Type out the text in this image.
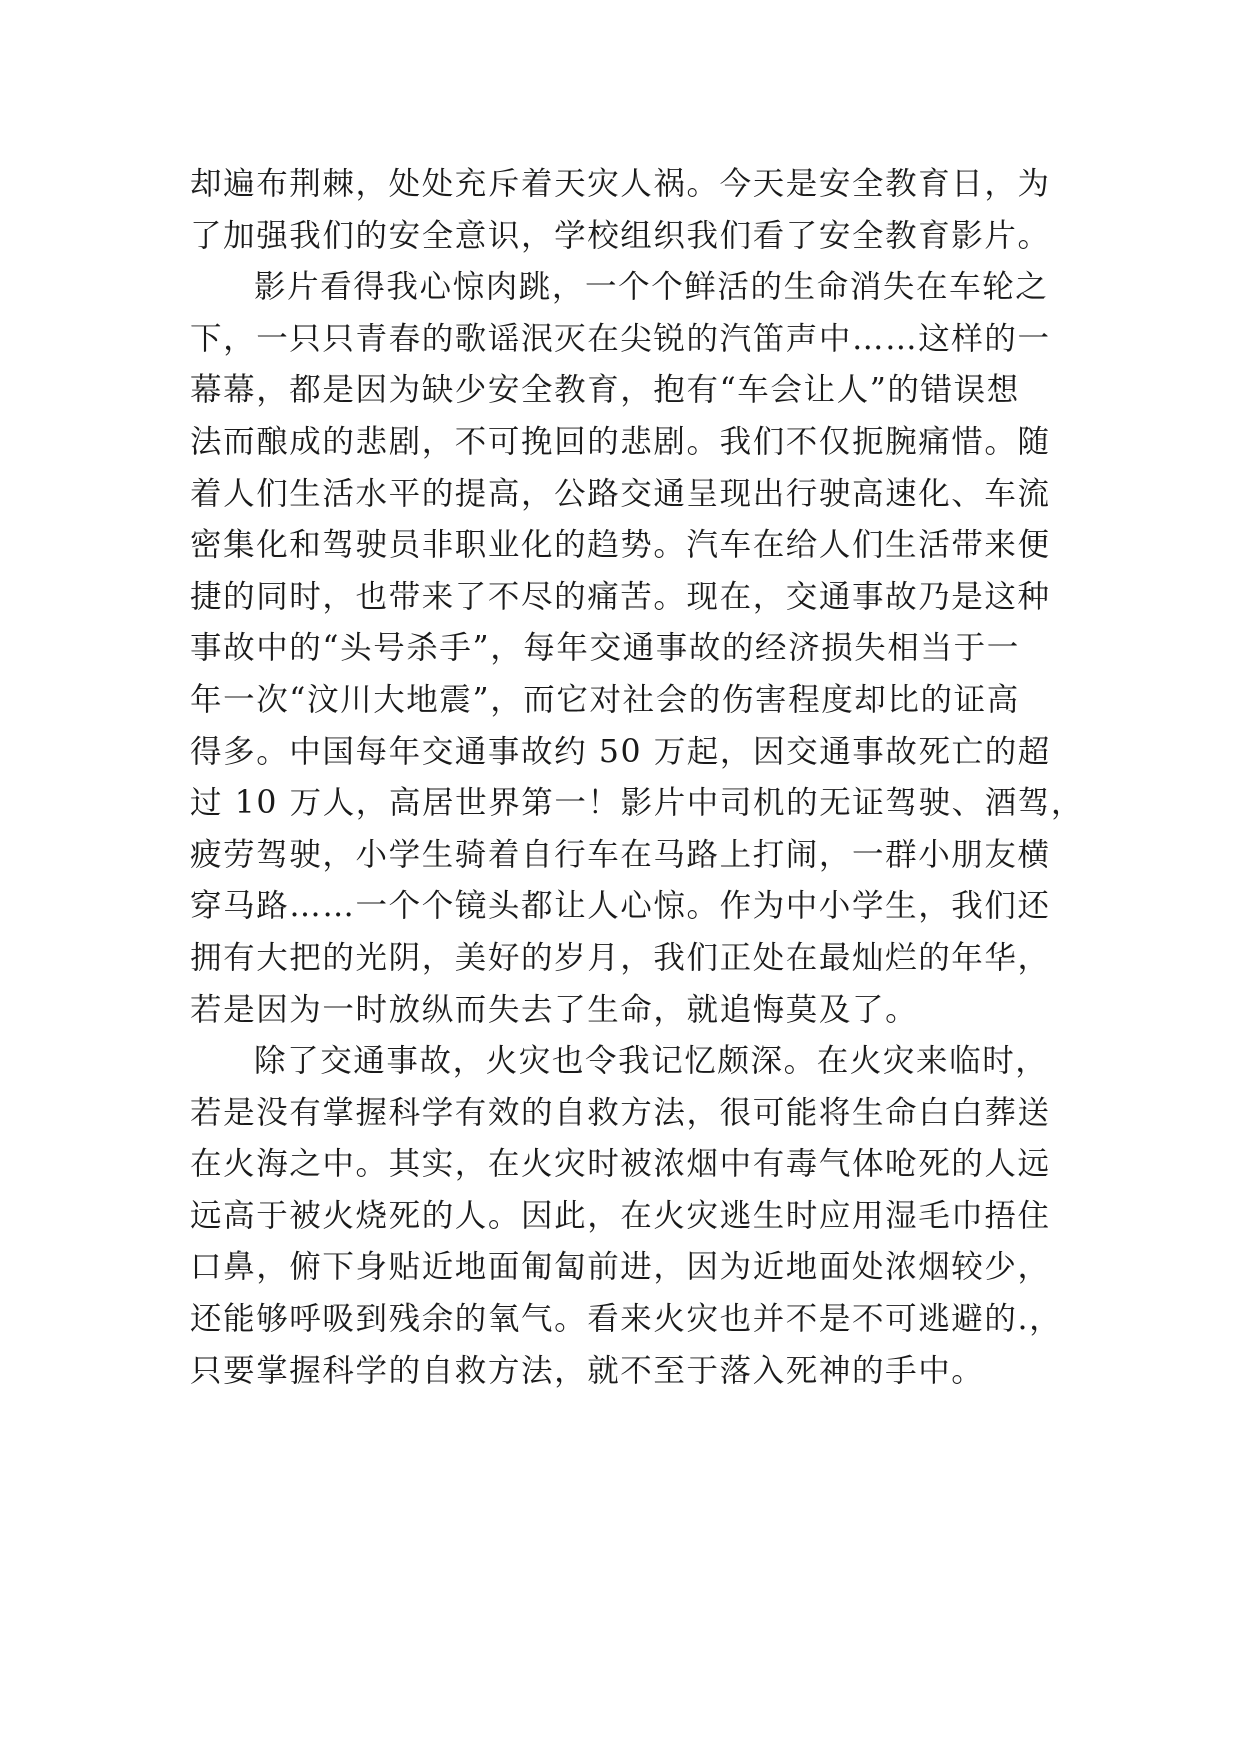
却遍布荆棘，处处充斥着天灾人祸。今天是安全教育日，为
了加强我们的安全意识，学校组织我们看了安全教育影片。
影片看得我心惊肉跳，一个个鲜活的生命消失在车轮之
下，一只只青春的歌谣泯灭在尖锐的汽笛声中……这样的一
幕幕，都是因为缺少安全教育，抱有“车会让人”的错误想
法而酿成的悲剧，不可挽回的悲剧。我们不仅扼腕痛惜。随
着人们生活水平的提高，公路交通呈现出行驶高速化、车流
密集化和驾驶员非职业化的趋势。汽车在给人们生活带来便
捷的同时，也带来了不尽的痛苦。现在，交通事故乃是这种
事故中的“头号杀手”，每年交通事故的经济损失相当于一
年一次“汶川大地震”，而它对社会的伤害程度却比的证高
得多。中国每年交通事故约 50 万起，因交通事故死亡的超
过 10 万人，高居世界第一！影片中司机的无证驾驶、酒驾，
疲劳驾驶，小学生骑着自行车在马路上打闹，一群小朋友横
穿马路……一个个镜头都让人心惊。作为中小学生，我们还
拥有大把的光阴，美好的岁月，我们正处在最灿烂的年华，
若是因为一时放纵而失去了生命，就追悔莫及了。
除了交通事故，火灾也令我记忆颇深。在火灾来临时，
若是没有掌握科学有效的自救方法，很可能将生命白白葬送
在火海之中。其实，在火灾时被浓烟中有毒气体呛死的人远
远高于被火烧死的人。因此，在火灾逃生时应用湿毛巾捂住
口鼻，俯下身贴近地面匍匐前进，因为近地面处浓烟较少，
还能够呼吸到残余的氧气。看来火灾也并不是不可逃避的.，
只要掌握科学的自救方法，就不至于落入死神的手中。
